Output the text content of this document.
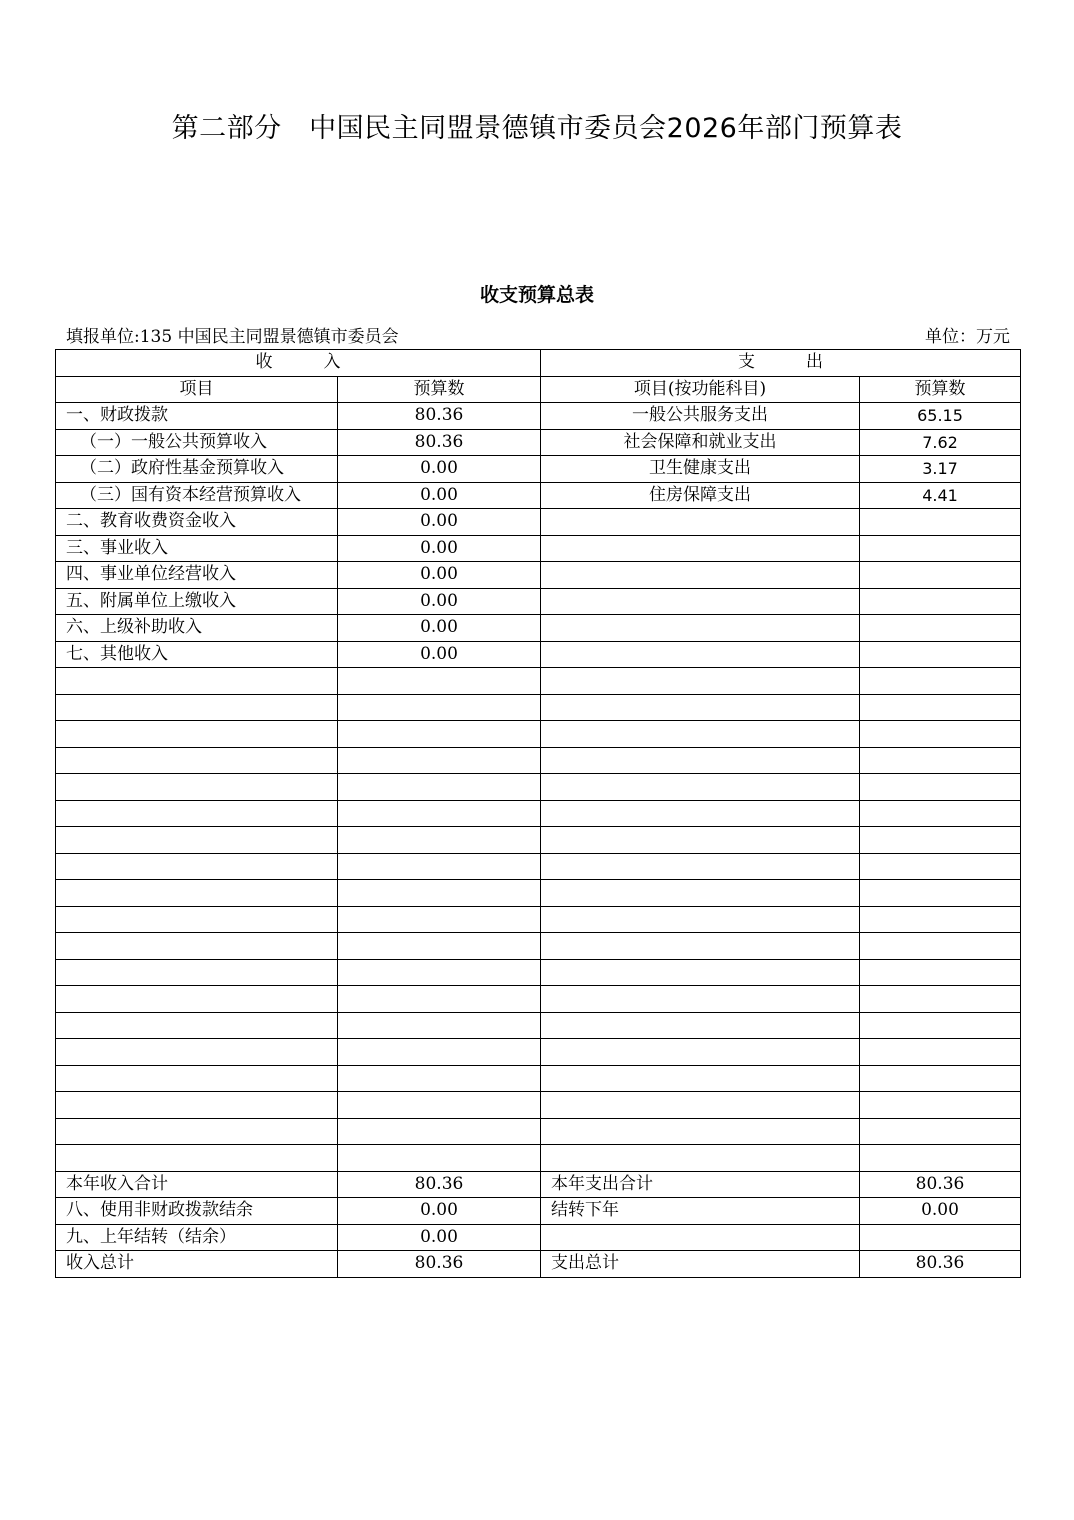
第二部分　中国民主同盟景德镇市委员会2026年部门预算表
收支预算总表
填报单位:135 中国民主同盟景德镇市委员会	单位：万元
收　　　入		支　　　出	
项目	预算数	项目(按功能科目)	预算数
一、财政拨款	80.36	一般公共服务支出	65.15
（一）一般公共预算收入	80.36	社会保障和就业支出	7.62
（二）政府性基金预算收入	0.00	卫生健康支出	3.17
（三）国有资本经营预算收入	0.00	住房保障支出	4.41
二、教育收费资金收入	0.00		
三、事业收入	0.00		
四、事业单位经营收入	0.00		
五、附属单位上缴收入	0.00		
六、上级补助收入	0.00		
七、其他收入	0.00		

本年收入合计	80.36	本年支出合计	80.36
八、使用非财政拨款结余	0.00	结转下年	0.00
九、上年结转（结余）	0.00		
收入总计	80.36	支出总计	80.36
